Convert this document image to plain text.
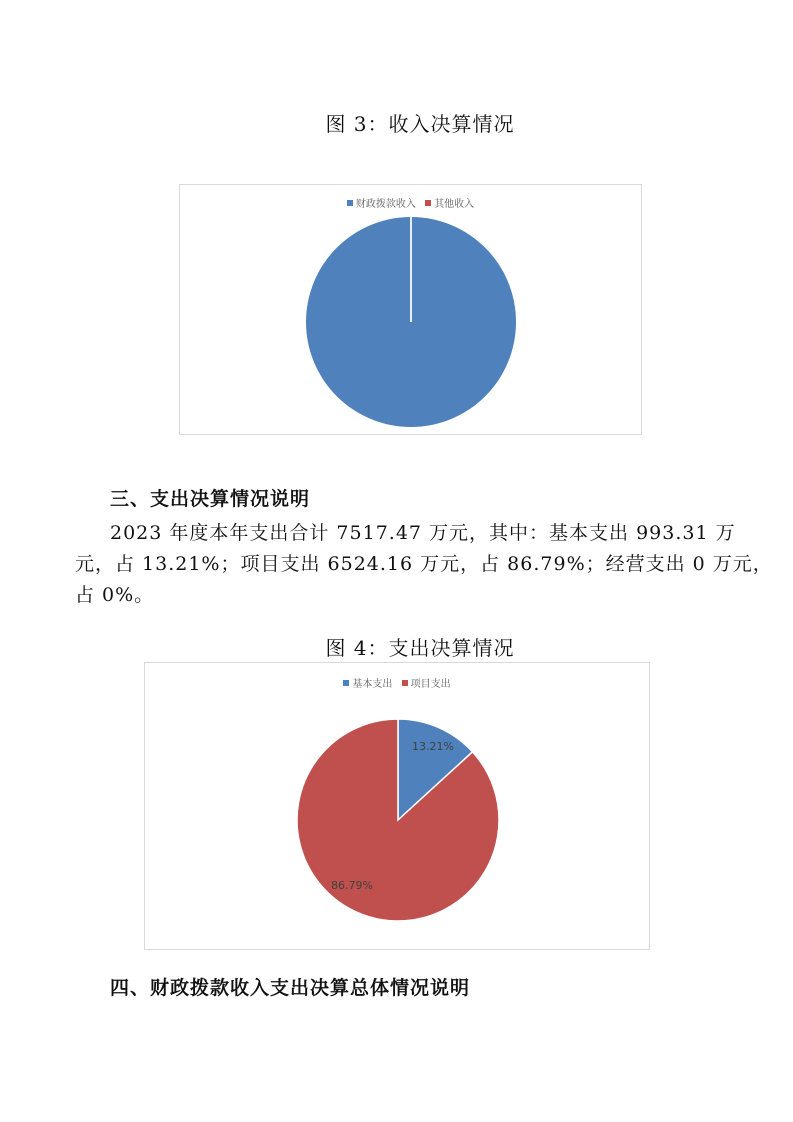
图 3：收入决算情况
财政拨款收入 其他收入
三、支出决算情况说明
2023 年度本年支出合计 7517.47 万元，其中：基本支出 993.31 万
元，占 13.21%；项目支出 6524.16 万元，占 86.79%；经营支出 0 万元，
占 0%。
图 4：支出决算情况
基本支出 项目支出
13.21%
86.79%
四、财政拨款收入支出决算总体情况说明
